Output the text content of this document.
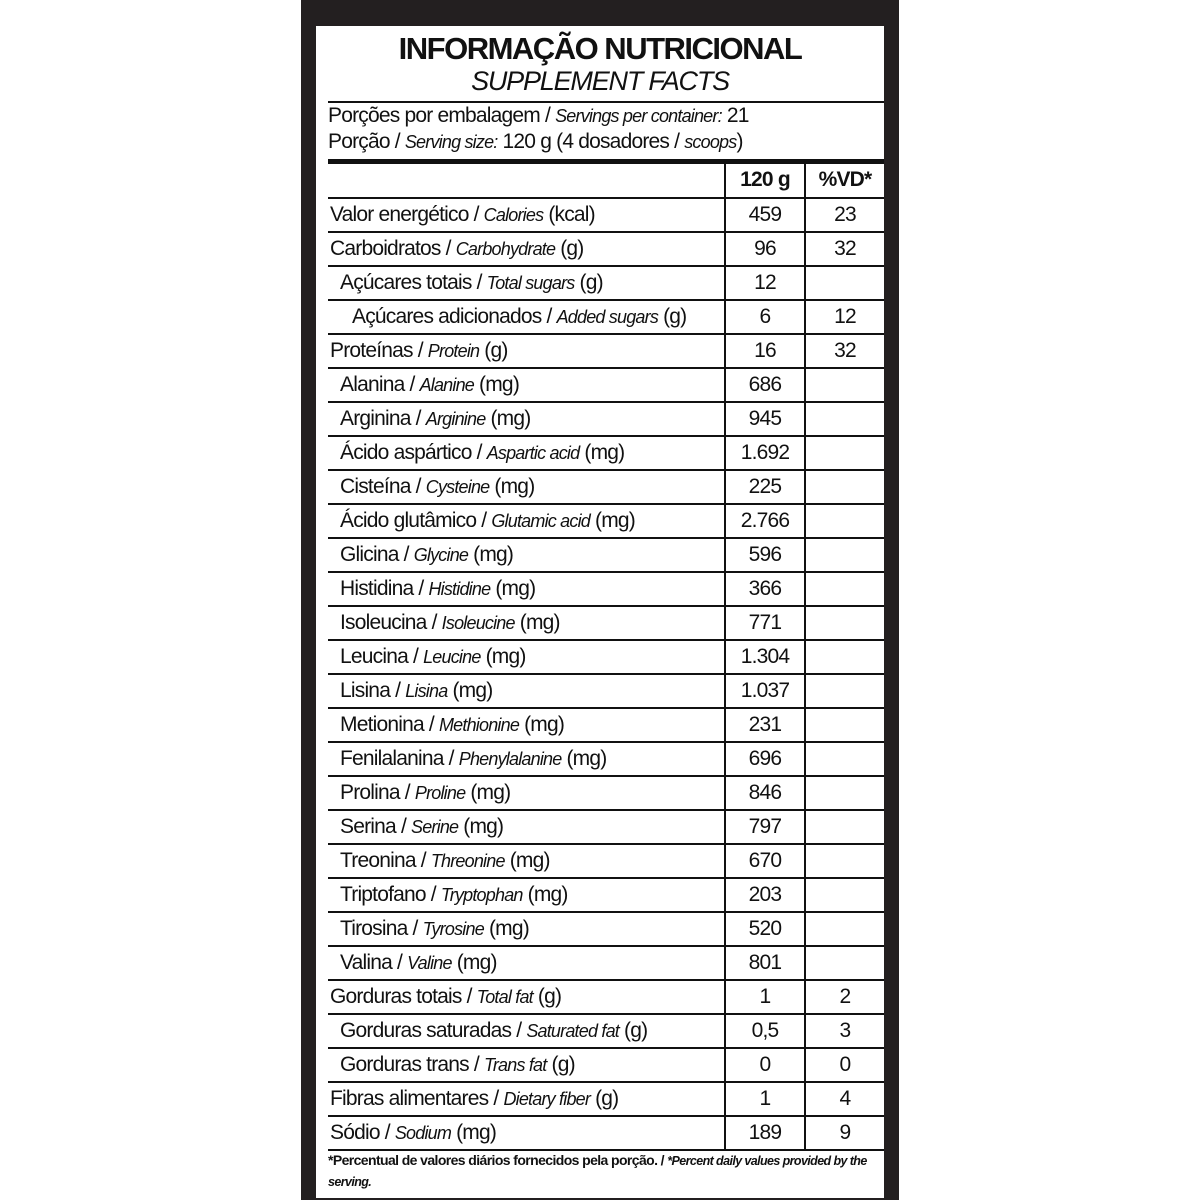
INFORMAÇÃO NUTRICIONAL
SUPPLEMENT FACTS
Porções por embalagem / Servings per container: 21
Porção / Serving size: 120 g (4 dosadores / scoops)
	120 g	%VD*
Valor energético / Calories (kcal)	459	23
Carboidratos / Carbohydrate (g)	96	32
Açúcares totais / Total sugars (g)	12	
Açúcares adicionados / Added sugars (g)	6	12
Proteínas / Protein (g)	16	32
Alanina / Alanine (mg)	686	
Arginina / Arginine (mg)	945	
Ácido aspártico / Aspartic acid (mg)	1.692	
Cisteína / Cysteine (mg)	225	
Ácido glutâmico / Glutamic acid (mg)	2.766	
Glicina / Glycine (mg)	596	
Histidina / Histidine (mg)	366	
Isoleucina / Isoleucine (mg)	771	
Leucina / Leucine (mg)	1.304	
Lisina / Lisina (mg)	1.037	
Metionina / Methionine (mg)	231	
Fenilalanina / Phenylalanine (mg)	696	
Prolina / Proline (mg)	846	
Serina / Serine (mg)	797	
Treonina / Threonine (mg)	670	
Triptofano / Tryptophan (mg)	203	
Tirosina / Tyrosine (mg)	520	
Valina / Valine (mg)	801	
Gorduras totais / Total fat (g)	1	2
Gorduras saturadas / Saturated fat (g)	0,5	3
Gorduras trans / Trans fat (g)	0	0
Fibras alimentares / Dietary fiber (g)	1	4
Sódio / Sodium (mg)	189	9
*Percentual de valores diários fornecidos pela porção. / *Percent daily values provided by the serving.
